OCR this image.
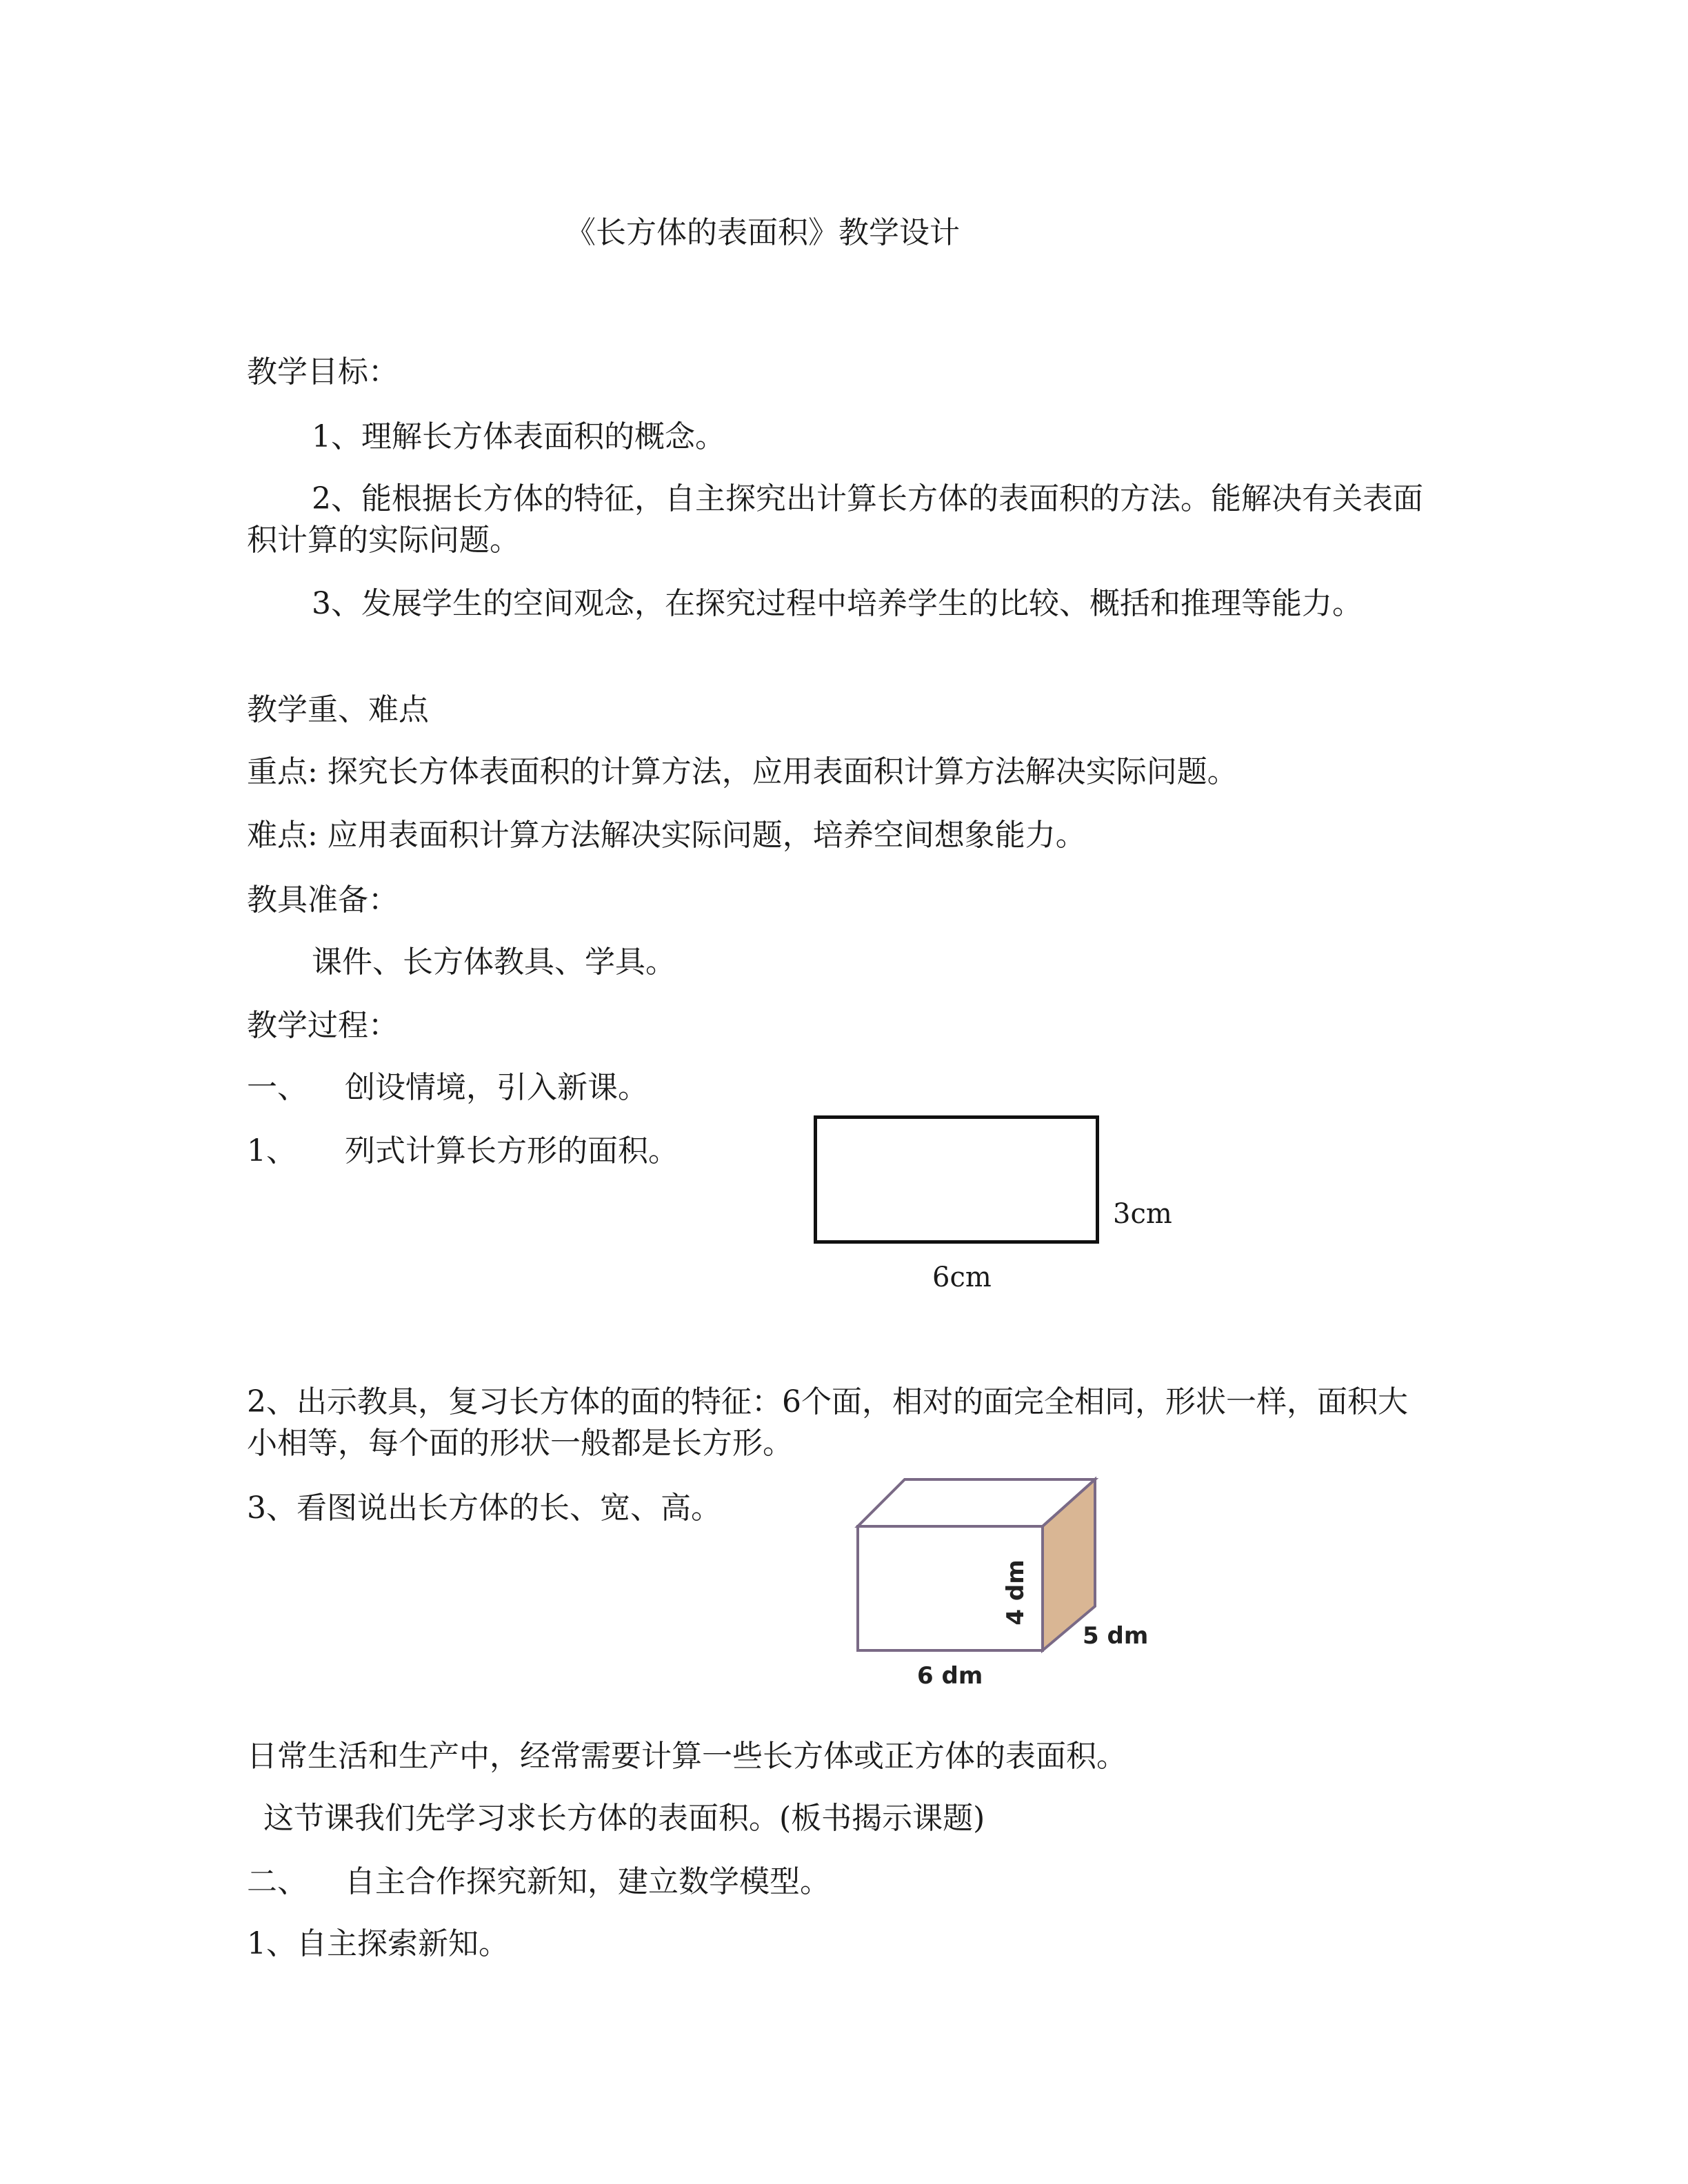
《长方体的表面积》教学设计

教学目标：

1、理解长方体表面积的概念。

2、能根据长方体的特征，自主探究出计算长方体的表面积的方法。能解决有关表面积计算的实际问题。

3、发展学生的空间观念，在探究过程中培养学生的比较、概括和推理等能力。

教学重、难点

重点: 探究长方体表面积的计算方法，应用表面积计算方法解决实际问题。

难点: 应用表面积计算方法解决实际问题，培养空间想象能力。

教具准备：

课件、长方体教具、学具。

教学过程：

一、 创设情境，引入新课。

1、 列式计算长方形的面积。

3cm
6cm

2、出示教具，复习长方体的面的特征：6个面，相对的面完全相同，形状一样，面积大小相等，每个面的形状一般都是长方形。

3、看图说出长方体的长、宽、高。

6 dm
5 dm
4 dm

日常生活和生产中，经常需要计算一些长方体或正方体的表面积。

这节课我们先学习求长方体的表面积。(板书揭示课题)

二、 自主合作探究新知，建立数学模型。

1、自主探索新知。
